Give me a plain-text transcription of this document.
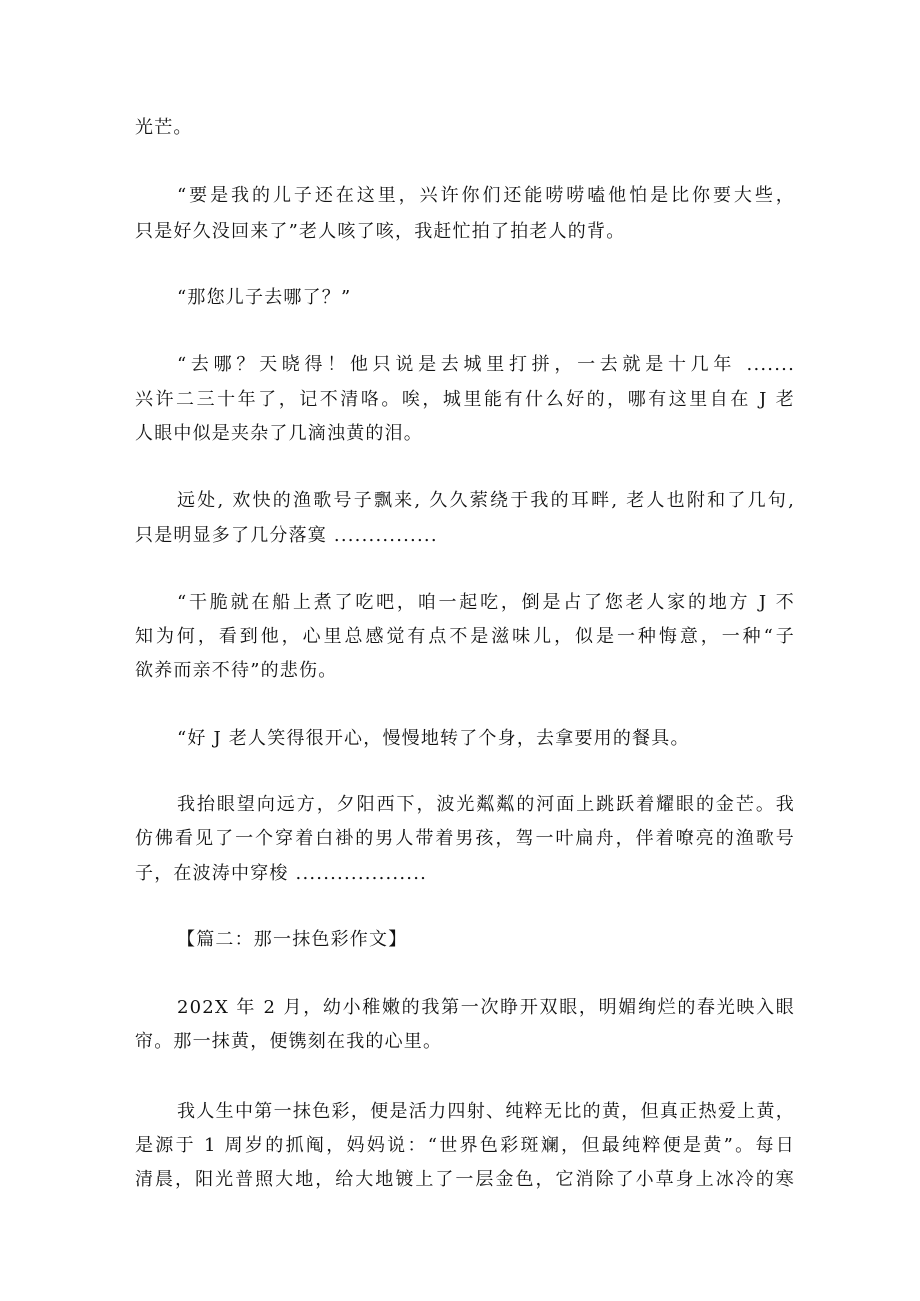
光芒。
“要是我的儿子还在这里，兴许你们还能唠唠嗑他怕是比你要大些，
只是好久没回来了”老人咳了咳，我赶忙拍了拍老人的背。
“那您儿子去哪了？”
“去哪？天晓得！他只说是去城里打拼，一去就是十几年 .......
兴许二三十年了，记不清咯。唉，城里能有什么好的，哪有这里自在 J 老
人眼中似是夹杂了几滴浊黄的泪。
远处, 欢快的渔歌号子飘来, 久久萦绕于我的耳畔, 老人也附和了几句,
只是明显多了几分落寞 ...............
“干脆就在船上煮了吃吧，咱一起吃，倒是占了您老人家的地方 J 不
知为何，看到他，心里总感觉有点不是滋味儿，似是一种悔意，一种“子
欲养而亲不待”的悲伤。
“好 J 老人笑得很开心，慢慢地转了个身，去拿要用的餐具。
我抬眼望向远方，夕阳西下，波光粼粼的河面上跳跃着耀眼的金芒。我
仿佛看见了一个穿着白褂的男人带着男孩，驾一叶扁舟，伴着嘹亮的渔歌号
子，在波涛中穿梭 ...................
【篇二：那一抹色彩作文】
202X 年 2 月，幼小稚嫩的我第一次睁开双眼，明媚绚烂的春光映入眼
帘。那一抹黄，便镌刻在我的心里。
我人生中第一抹色彩，便是活力四射、纯粹无比的黄，但真正热爱上黄，
是源于 1 周岁的抓阄，妈妈说：“世界色彩斑斓，但最纯粹便是黄”。每日
清晨，阳光普照大地，给大地镀上了一层金色，它消除了小草身上冰冷的寒
